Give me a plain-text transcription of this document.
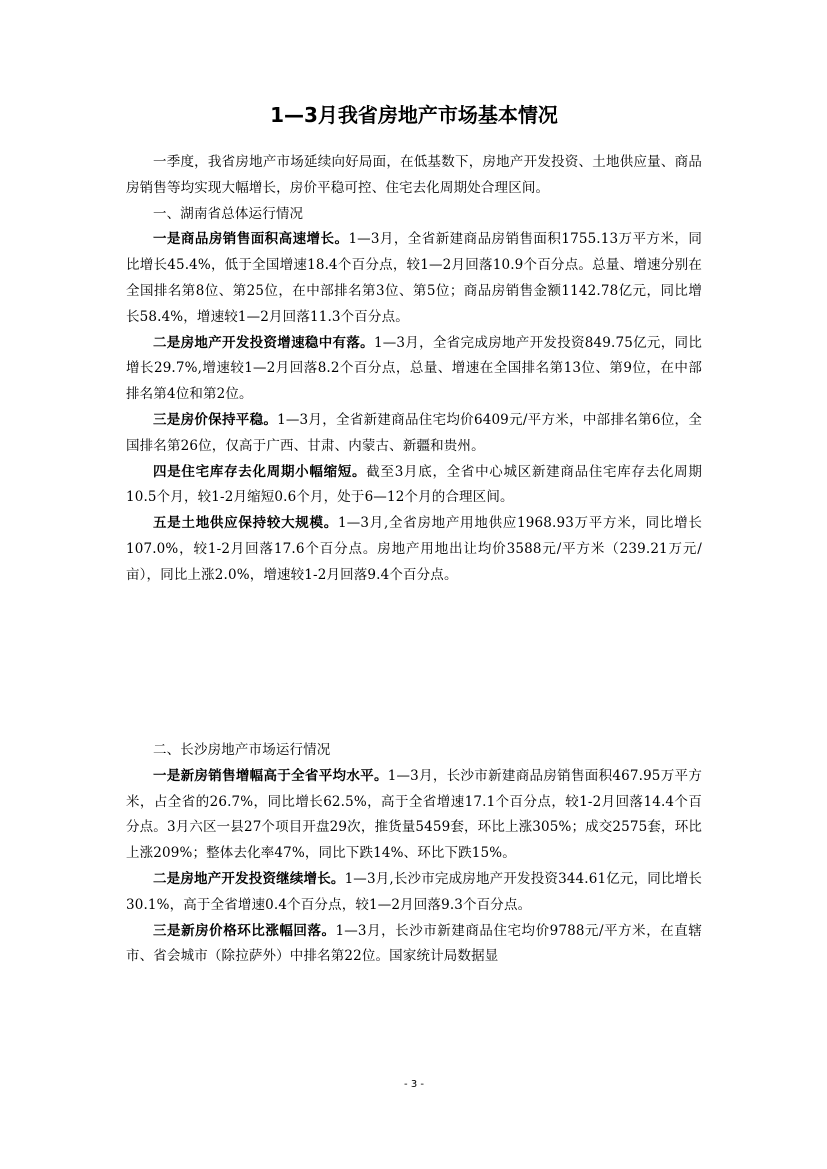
1—3月我省房地产市场基本情况

一季度，我省房地产市场延续向好局面，在低基数下，房地产开发投资、土地供应量、商品房销售等均实现大幅增长，房价平稳可控、住宅去化周期处合理区间。

一、湖南省总体运行情况

一是商品房销售面积高速增长。1—3月，全省新建商品房销售面积1755.13万平方米，同比增长45.4%，低于全国增速18.4个百分点，较1—2月回落10.9个百分点。总量、增速分别在全国排名第8位、第25位，在中部排名第3位、第5位；商品房销售金额1142.78亿元，同比增长58.4%，增速较1—2月回落11.3个百分点。

二是房地产开发投资增速稳中有落。1—3月，全省完成房地产开发投资849.75亿元，同比增长29.7%,增速较1—2月回落8.2个百分点，总量、增速在全国排名第13位、第9位，在中部排名第4位和第2位。

三是房价保持平稳。1—3月，全省新建商品住宅均价6409元/平方米，中部排名第6位，全国排名第26位，仅高于广西、甘肃、内蒙古、新疆和贵州。

四是住宅库存去化周期小幅缩短。截至3月底，全省中心城区新建商品住宅库存去化周期10.5个月，较1-2月缩短0.6个月，处于6—12个月的合理区间。

五是土地供应保持较大规模。1—3月,全省房地产用地供应1968.93万平方米，同比增长107.0%，较1-2月回落17.6个百分点。房地产用地出让均价3588元/平方米（239.21万元/亩），同比上涨2.0%，增速较1-2月回落9.4个百分点。

二、长沙房地产市场运行情况

一是新房销售增幅高于全省平均水平。1—3月，长沙市新建商品房销售面积467.95万平方米，占全省的26.7%，同比增长62.5%，高于全省增速17.1个百分点，较1-2月回落14.4个百分点。3月六区一县27个项目开盘29次，推货量5459套，环比上涨305%；成交2575套，环比上涨209%；整体去化率47%，同比下跌14%、环比下跌15%。

二是房地产开发投资继续增长。1—3月,长沙市完成房地产开发投资344.61亿元，同比增长30.1%，高于全省增速0.4个百分点，较1—2月回落9.3个百分点。

三是新房价格环比涨幅回落。1—3月，长沙市新建商品住宅均价9788元/平方米，在直辖市、省会城市（除拉萨外）中排名第22位。国家统计局数据显

- 3 -
